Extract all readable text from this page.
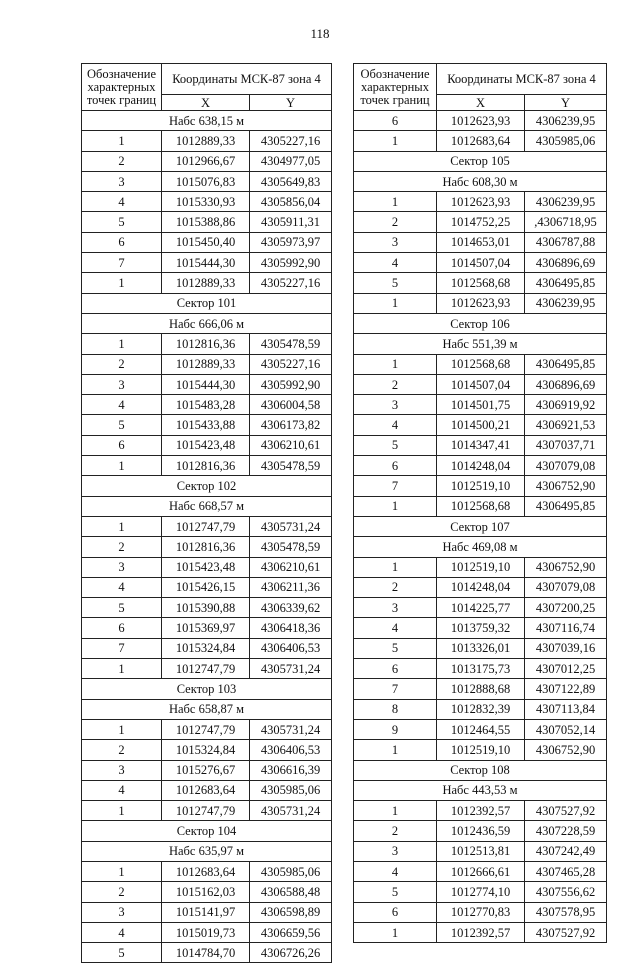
118
Обозначение
характерных
точек границ	Координаты МСК-87 зона 4	
	X	Y
Набс 638,15 м		
1	1012889,33	4305227,16
2	1012966,67	4304977,05
3	1015076,83	4305649,83
4	1015330,93	4305856,04
5	1015388,86	4305911,31
6	1015450,40	4305973,97
7	1015444,30	4305992,90
1	1012889,33	4305227,16
Сектор 101		
Набс 666,06 м		
1	1012816,36	4305478,59
2	1012889,33	4305227,16
3	1015444,30	4305992,90
4	1015483,28	4306004,58
5	1015433,88	4306173,82
6	1015423,48	4306210,61
1	1012816,36	4305478,59
Сектор 102		
Набс 668,57 м		
1	1012747,79	4305731,24
2	1012816,36	4305478,59
3	1015423,48	4306210,61
4	1015426,15	4306211,36
5	1015390,88	4306339,62
6	1015369,97	4306418,36
7	1015324,84	4306406,53
1	1012747,79	4305731,24
Сектор 103		
Набс 658,87 м		
1	1012747,79	4305731,24
2	1015324,84	4306406,53
3	1015276,67	4306616,39
4	1012683,64	4305985,06
1	1012747,79	4305731,24
Сектор 104		
Набс 635,97 м		
1	1012683,64	4305985,06
2	1015162,03	4306588,48
3	1015141,97	4306598,89
4	1015019,73	4306659,56
5	1014784,70	4306726,26
Обозначение
характерных
точек границ	Координаты МСК-87 зона 4	
	X	Y
6	1012623,93	4306239,95
1	1012683,64	4305985,06
Сектор 105		
Набс 608,30 м		
1	1012623,93	4306239,95
2	1014752,25	,4306718,95
3	1014653,01	4306787,88
4	1014507,04	4306896,69
5	1012568,68	4306495,85
1	1012623,93	4306239,95
Сектор 106		
Набс 551,39 м		
1	1012568,68	4306495,85
2	1014507,04	4306896,69
3	1014501,75	4306919,92
4	1014500,21	4306921,53
5	1014347,41	4307037,71
6	1014248,04	4307079,08
7	1012519,10	4306752,90
1	1012568,68	4306495,85
Сектор 107		
Набс 469,08 м		
1	1012519,10	4306752,90
2	1014248,04	4307079,08
3	1014225,77	4307200,25
4	1013759,32	4307116,74
5	1013326,01	4307039,16
6	1013175,73	4307012,25
7	1012888,68	4307122,89
8	1012832,39	4307113,84
9	1012464,55	4307052,14
1	1012519,10	4306752,90
Сектор 108		
Набс 443,53 м		
1	1012392,57	4307527,92
2	1012436,59	4307228,59
3	1012513,81	4307242,49
4	1012666,61	4307465,28
5	1012774,10	4307556,62
6	1012770,83	4307578,95
1	1012392,57	4307527,92
